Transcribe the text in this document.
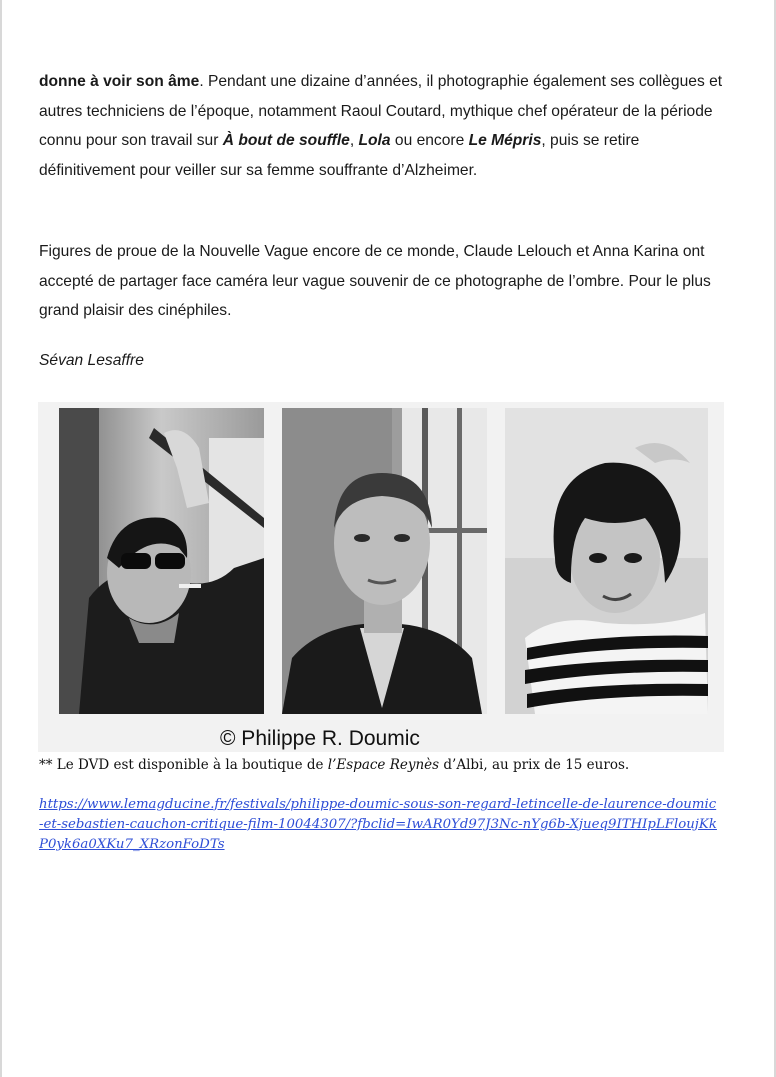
donne à voir son âme. Pendant une dizaine d’années, il photographie également ses collègues et autres techniciens de l’époque, notamment Raoul Coutard, mythique chef opérateur de la période connu pour son travail sur À bout de souffle, Lola ou encore Le Mépris, puis se retire définitivement pour veiller sur sa femme souffrante d’Alzheimer.

Figures de proue de la Nouvelle Vague encore de ce monde, Claude Lelouch et Anna Karina ont accepté de partager face caméra leur vague souvenir de ce photographe de l’ombre. Pour le plus grand plaisir des cinéphiles.

Sévan Lesaffre

© Philippe R. Doumic
** Le DVD est disponible à la boutique de l’Espace Reynès d’Albi, au prix de 15 euros.
https://www.lemagducine.fr/festivals/philippe-doumic-sous-son-regard-letincelle-de-laurence-doumic-et-sebastien-cauchon-critique-film-10044307/?fbclid=IwAR0Yd97J3Nc-nYg6b-Xjueq9ITHIpLFloujKkP0yk6a0XKu7_XRzonFoDTs
